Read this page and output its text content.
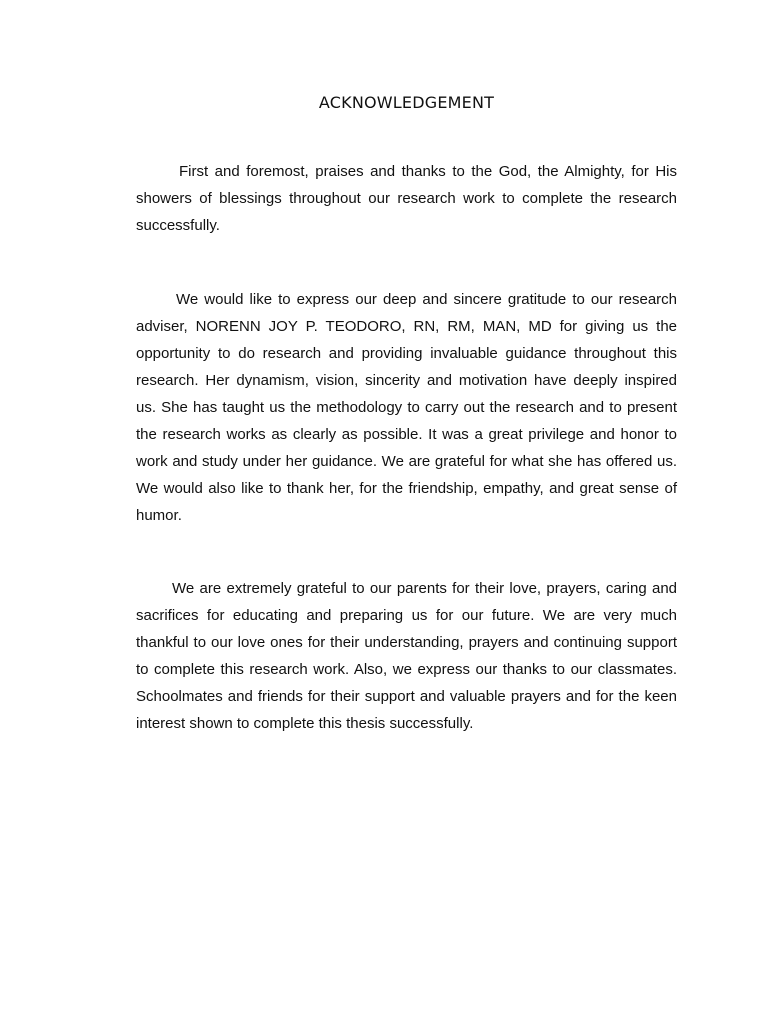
ACKNOWLEDGEMENT

First and foremost, praises and thanks to the God, the Almighty, for His showers of blessings throughout our research work to complete the research successfully.

We would like to express our deep and sincere gratitude to our research adviser, NORENN JOY P. TEODORO, RN, RM, MAN, MD for giving us the opportunity to do research and providing invaluable guidance throughout this research. Her dynamism, vision, sincerity and motivation have deeply inspired us. She has taught us the methodology to carry out the research and to present the research works as clearly as possible. It was a great privilege and honor to work and study under her guidance. We are grateful for what she has offered us. We would also like to thank her, for the friendship, empathy, and great sense of humor.

We are extremely grateful to our parents for their love, prayers, caring and sacrifices for educating and preparing us for our future. We are very much thankful to our love ones for their understanding, prayers and continuing support to complete this research work. Also, we express our thanks to our classmates. Schoolmates and friends for their support and valuable prayers and for the keen interest shown to complete this thesis successfully.
